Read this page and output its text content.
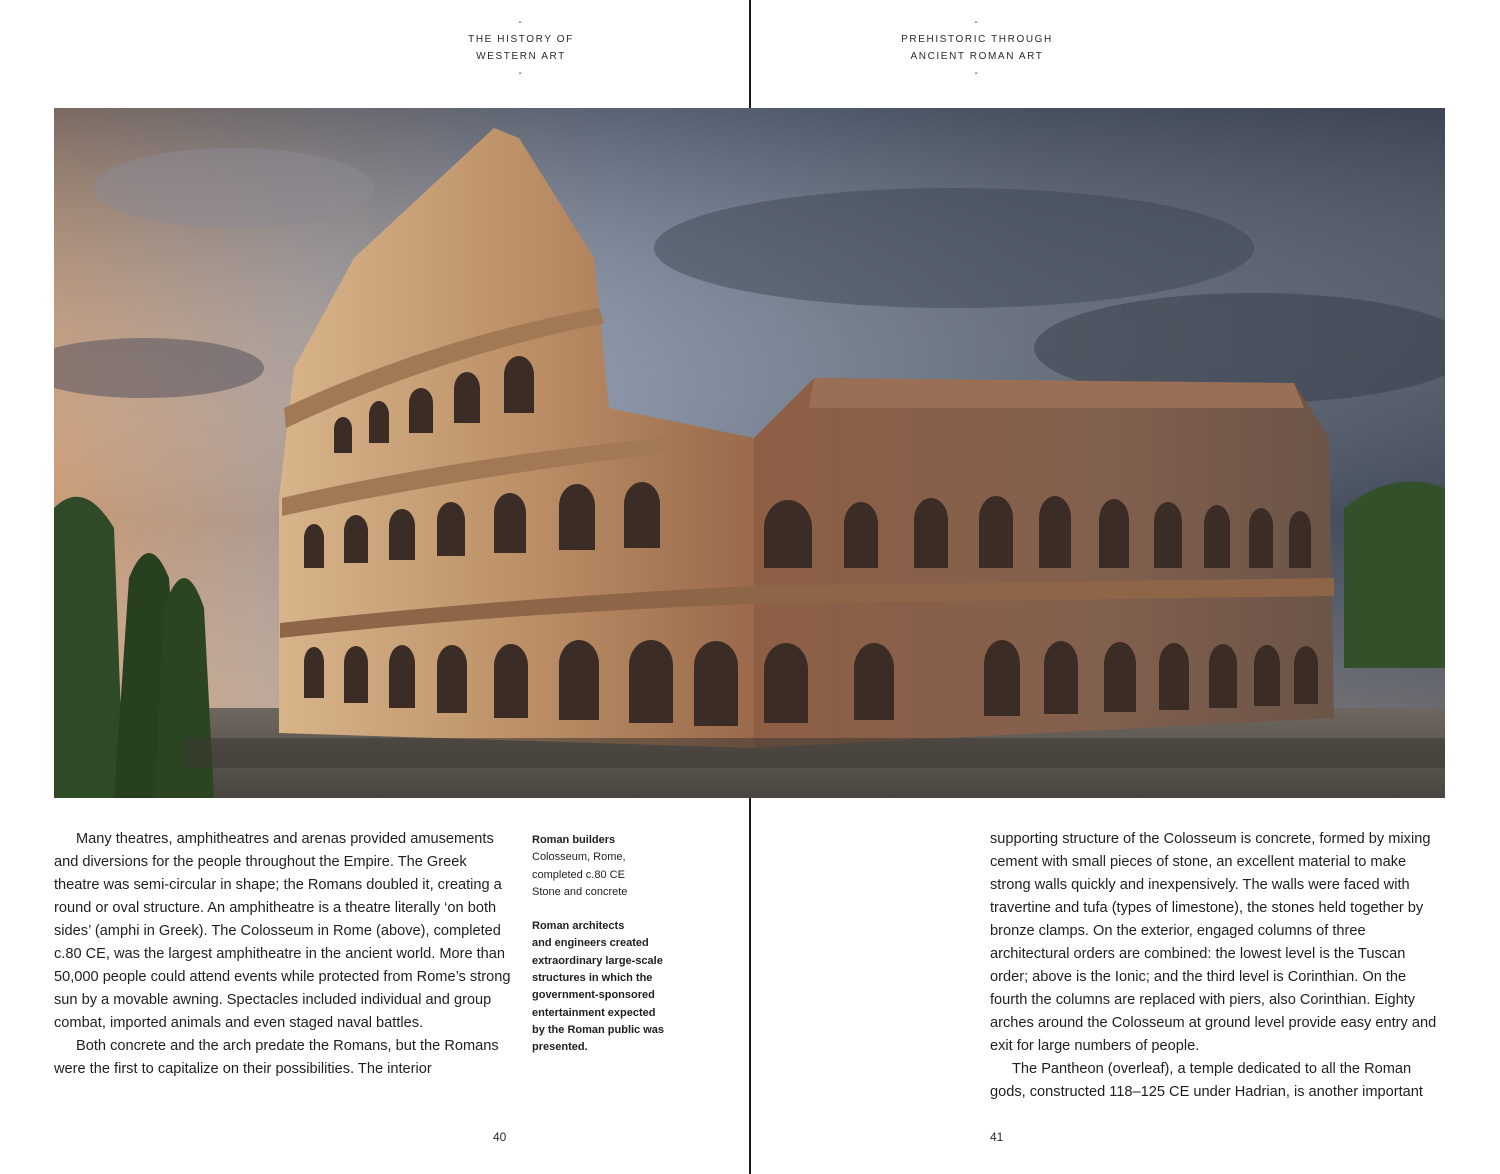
-
THE HISTORY OF
WESTERN ART
-

Many theatres, amphitheatres and arenas provided amusements and diversions for the people throughout the Empire. The Greek theatre was semi-circular in shape; the Romans doubled it, creating a round or oval structure. An amphitheatre is a theatre literally ‘on both sides’ (amphi in Greek). The Colosseum in Rome (above), completed c.80 CE, was the largest amphitheatre in the ancient world. More than 50,000 people could attend events while protected from Rome’s strong sun by a movable awning. Spectacles included individual and group combat, imported animals and even staged naval battles.

Both concrete and the arch predate the Romans, but the Romans were the first to capitalize on their possibilities. The interior

Roman builders
Colosseum, Rome,
completed c.80 CE
Stone and concrete
Roman architects
and engineers created
extraordinary large-scale
structures in which the
government-sponsored
entertainment expected
by the Roman public was
presented.
40
-
PREHISTORIC THROUGH
ANCIENT ROMAN ART
-
41

supporting structure of the Colosseum is concrete, formed by mixing cement with small pieces of stone, an excellent material to make strong walls quickly and inexpensively. The walls were faced with travertine and tufa (types of limestone), the stones held together by bronze clamps. On the exterior, engaged columns of three architectural orders are combined: the lowest level is the Tuscan order; above is the Ionic; and the third level is Corinthian. On the fourth the columns are replaced with piers, also Corinthian. Eighty arches around the Colosseum at ground level provide easy entry and exit for large numbers of people.

The Pantheon (overleaf), a temple dedicated to all the Roman gods, constructed 118–125 CE under Hadrian, is another important
